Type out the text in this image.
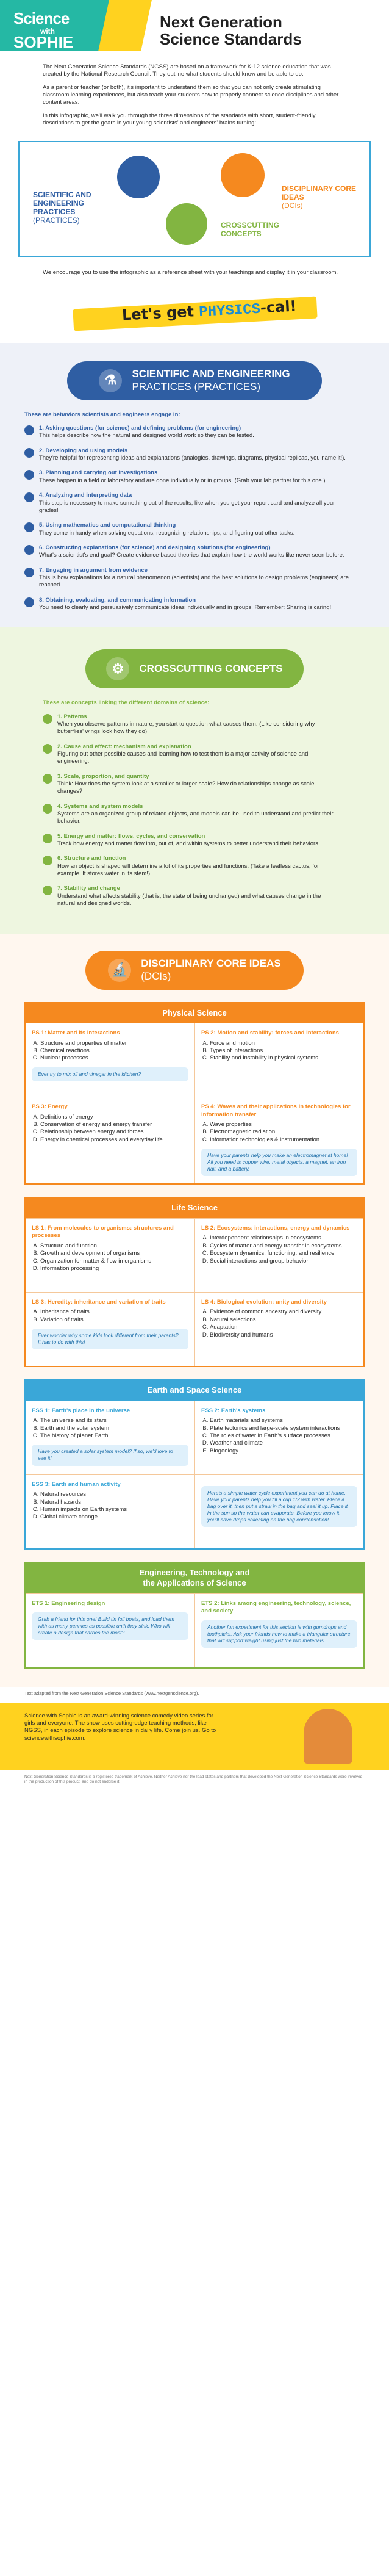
Science
with
SOPHIE
Next Generation
Science Standards

The Next Generation Science Standards (NGSS) are based on a framework for K-12 science education that was created by the National Research Council. They outline what students should know and be able to do.

As a parent or teacher (or both), it's important to understand them so that you can not only create stimulating classroom learning experiences, but also teach your students how to properly connect science disciplines and other content areas.

In this infographic, we'll walk you through the three dimensions of the standards with short, student-friendly descriptions to get the gears in your young scientists' and engineers' brains turning:

SCIENTIFIC AND ENGINEERING PRACTICES
(PRACTICES)
DISCIPLINARY CORE IDEAS
(DCIs)
CROSSCUTTING CONCEPTS
We encourage you to use the infographic as a reference sheet with your teachings and display it in your classroom.
Let's get PHYSICS-cal!
⚗	SCIENTIFIC AND ENGINEERING
PRACTICES (PRACTICES)
These are behaviors scientists and engineers engage in:
1. Asking questions (for science) and defining problems (for engineering)
This helps describe how the natural and designed world work so they can be tested.
2. Developing and using models
They're helpful for representing ideas and explanations (analogies, drawings, diagrams, physical replicas, you name it!).
3. Planning and carrying out investigations
These happen in a field or laboratory and are done individually or in groups. (Grab your lab partner for this one.)
4. Analyzing and interpreting data
This step is necessary to make something out of the results, like when you get your report card and analyze all your grades!
5. Using mathematics and computational thinking
They come in handy when solving equations, recognizing relationships, and figuring out other tasks.
6. Constructing explanations (for science) and designing solutions (for engineering)
What's a scientist's end goal? Create evidence-based theories that explain how the world works like never seen before.
7. Engaging in argument from evidence
This is how explanations for a natural phenomenon (scientists) and the best solutions to design problems (engineers) are reached.
8. Obtaining, evaluating, and communicating information
You need to clearly and persuasively communicate ideas individually and in groups. Remember: Sharing is caring!
⚙	CROSSCUTTING CONCEPTS
These are concepts linking the different domains of science:
1. Patterns
When you observe patterns in nature, you start to question what causes them. (Like considering why butterflies' wings look how they do)
2. Cause and effect: mechanism and explanation
Figuring out other possible causes and learning how to test them is a major activity of science and engineering.
3. Scale, proportion, and quantity
Think: How does the system look at a smaller or larger scale? How do relationships change as scale changes?
4. Systems and system models
Systems are an organized group of related objects, and models can be used to understand and predict their behavior.
5. Energy and matter: flows, cycles, and conservation
Track how energy and matter flow into, out of, and within systems to better understand their behaviors.
6. Structure and function
How an object is shaped will determine a lot of its properties and functions. (Take a leafless cactus, for example. It stores water in its stem!)
7. Stability and change
Understand what affects stability (that is, the state of being unchanged) and what causes change in the natural and designed worlds.
🔬	DISCIPLINARY CORE IDEAS
(DCIs)
Physical Science
PS 1: Matter and its interactions
A. Structure and properties of matter
B. Chemical reactions
C. Nuclear processes
Ever try to mix oil and vinegar in the kitchen?
PS 2: Motion and stability: forces and interactions
A. Force and motion
B. Types of interactions
C. Stability and instability in physical systems
PS 3: Energy
A. Definitions of energy
B. Conservation of energy and energy transfer
C. Relationship between energy and forces
D. Energy in chemical processes and everyday life
PS 4: Waves and their applications in technologies for information transfer
A. Wave properties
B. Electromagnetic radiation
C. Information technologies & instrumentation
Have your parents help you make an electromagnet at home! All you need is copper wire, metal objects, a magnet, an iron nail, and a battery.
Life Science
LS 1: From molecules to organisms: structures and processes
A. Structure and function
B. Growth and development of organisms
C. Organization for matter & flow in organisms
D. Information processing
LS 2: Ecosystems: interactions, energy and dynamics
A. Interdependent relationships in ecosystems
B. Cycles of matter and energy transfer in ecosystems
C. Ecosystem dynamics, functioning, and resilience
D. Social interactions and group behavior
LS 3: Heredity: inheritance and variation of traits
A. Inheritance of traits
B. Variation of traits
Ever wonder why some kids look different from their parents? It has to do with this!
LS 4: Biological evolution: unity and diversity
A. Evidence of common ancestry and diversity
B. Natural selections
C. Adaptation
D. Biodiversity and humans
Earth and Space Science
ESS 1: Earth's place in the universe
A. The universe and its stars
B. Earth and the solar system
C. The history of planet Earth
Have you created a solar system model? If so, we'd love to see it!
ESS 2: Earth's systems
A. Earth materials and systems
B. Plate tectonics and large-scale system interactions
C. The roles of water in Earth's surface processes
D. Weather and climate
E. Biogeology
ESS 3: Earth and human activity
A. Natural resources
B. Natural hazards
C. Human impacts on Earth systems
D. Global climate change
Here's a simple water cycle experiment you can do at home. Have your parents help you fill a cup 1/2 with water. Place a bag over it, then put a straw in the bag and seal it up. Place it in the sun so the water can evaporate. Before you know it, you'll have drops collecting on the bag condensation!
Engineering, Technology and
the Applications of Science
ETS 1: Engineering design
Grab a friend for this one! Build tin foil boats, and load them with as many pennies as possible until they sink. Who will create a design that carries the most?
ETS 2: Links among engineering, technology, science, and society
Another fun experiment for this section is with gumdrops and toothpicks. Ask your friends how to make a triangular structure that will support weight using just the two materials.
Text adapted from the Next Generation Science Standards (www.nextgenscience.org).
Science with Sophie is an award-winning science comedy video series for girls and everyone. The show uses cutting-edge teaching methods, like NGSS, in each episode to explore science in daily life. Come join us. Go to sciencewithsophie.com.
Next Generation Science Standards is a registered trademark of Achieve. Neither Achieve nor the lead states and partners that developed the Next Generation Science Standards were involved in the production of this product, and do not endorse it.
